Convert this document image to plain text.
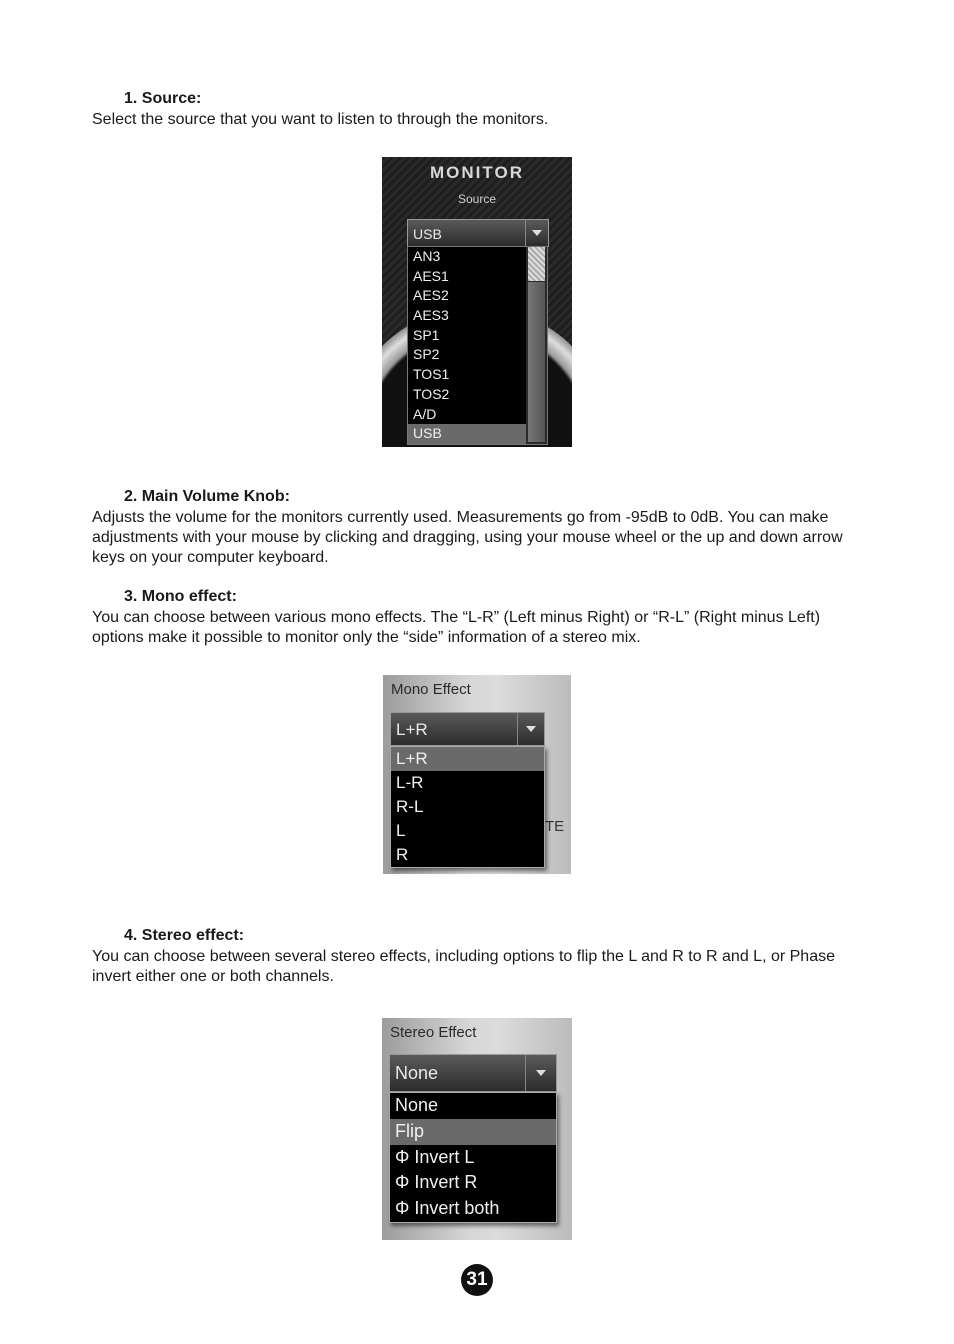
1. Source:

Select the source that you want to listen to through the monitors.

MONITOR
Source
USB
AN3
AES1
AES2
AES3
SP1
SP2
TOS1
TOS2
A/D
USB
2. Main Volume Knob:

Adjusts the volume for the monitors currently used. Measurements go from -95dB to 0dB. You can make adjustments with your mouse by clicking and dragging, using your mouse wheel or the up and down arrow keys on your computer keyboard.

3. Mono effect:

You can choose between various mono effects. The “L-R” (Left minus Right) or “R-L” (Right minus Left) options make it possible to monitor only the “side” information of a stereo mix.

Mono Effect
TE
L+R
L+R
L-R
R-L
L
R
4. Stereo effect:

You can choose between several stereo effects, including options to flip the L and R to R and L, or Phase invert either one or both channels.

Stereo Effect
None
None
Flip
Φ Invert L
Φ Invert R
Φ Invert both
31
